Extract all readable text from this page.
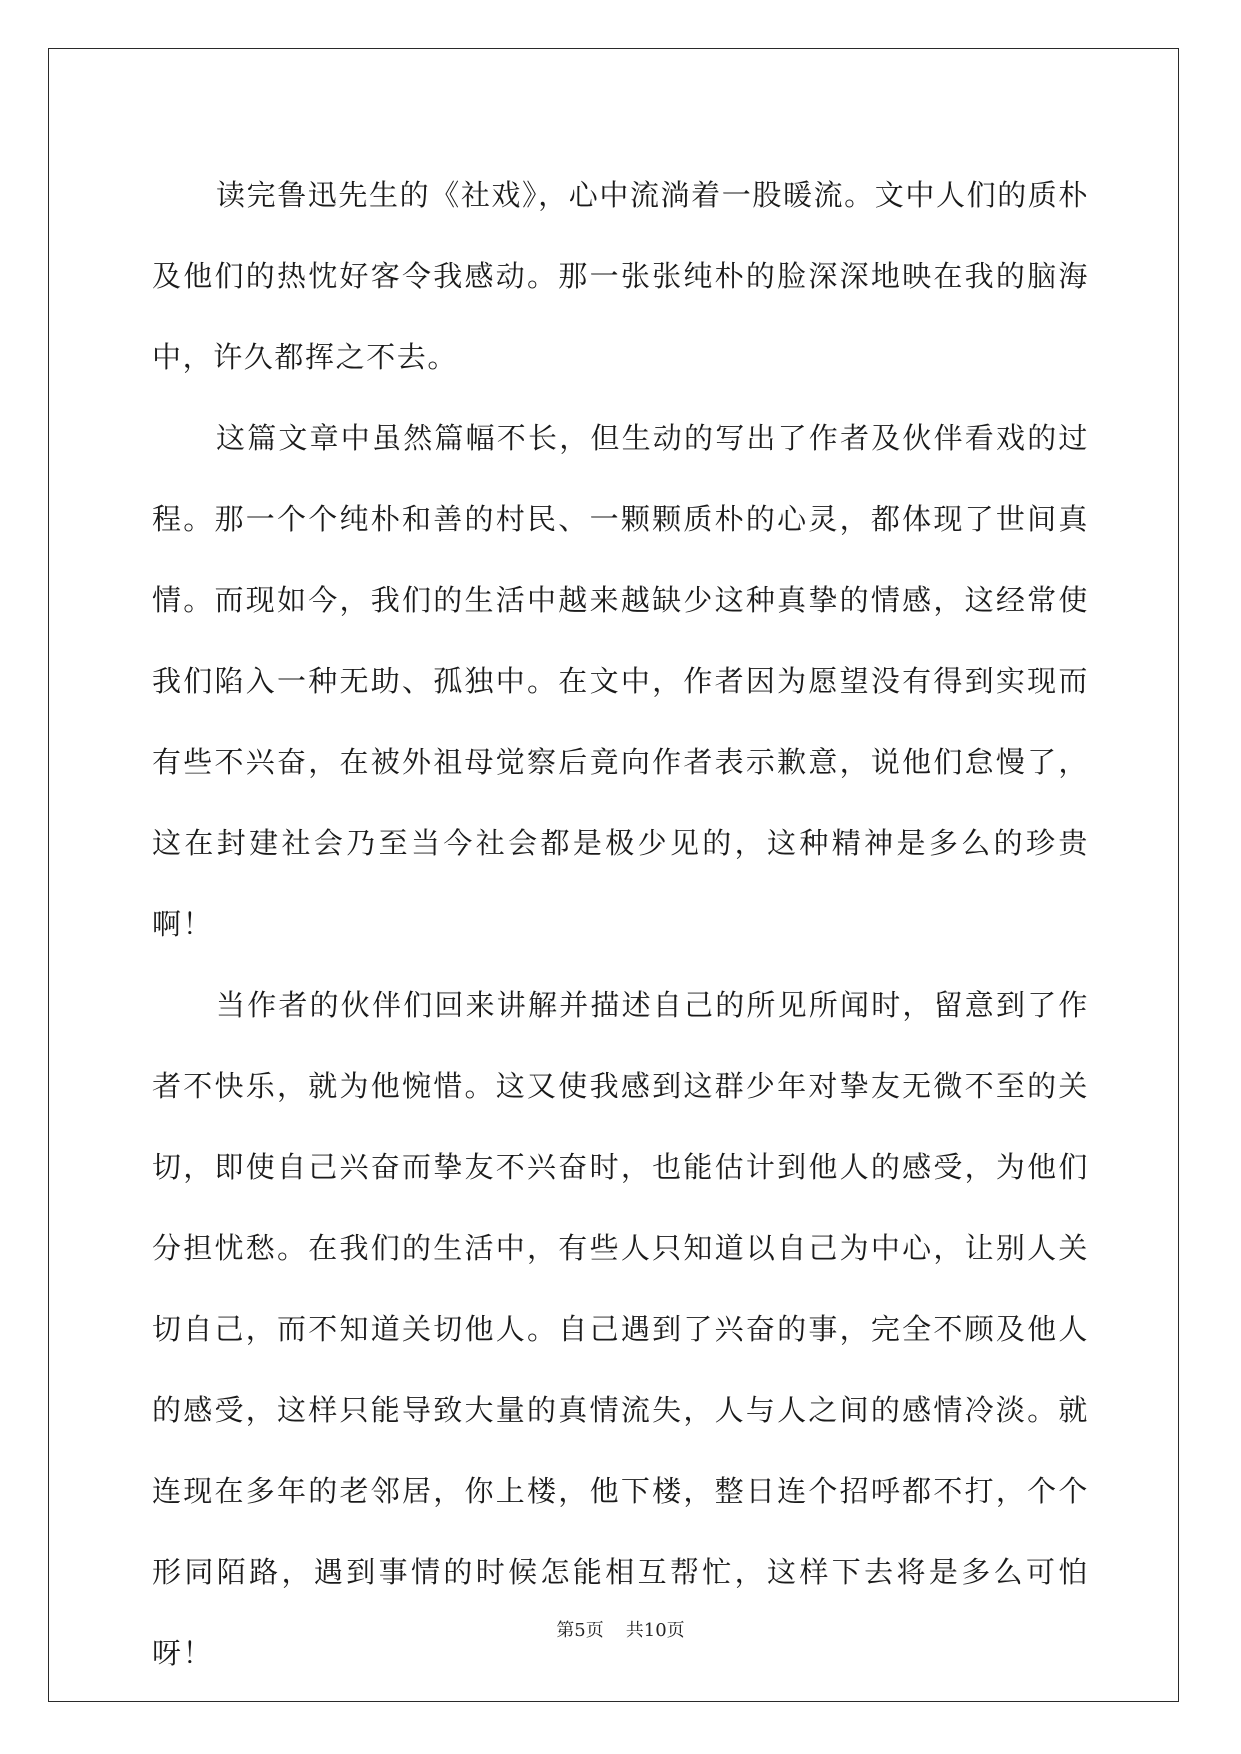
读完鲁迅先生的《社戏》，心中流淌着一股暖流。文中人们的质朴及他们的热忱好客令我感动。那一张张纯朴的脸深深地映在我的脑海中，许久都挥之不去。

这篇文章中虽然篇幅不长，但生动的写出了作者及伙伴看戏的过程。那一个个纯朴和善的村民、一颗颗质朴的心灵，都体现了世间真情。而现如今，我们的生活中越来越缺少这种真挚的情感，这经常使我们陷入一种无助、孤独中。在文中，作者因为愿望没有得到实现而有些不兴奋，在被外祖母觉察后竟向作者表示歉意，说他们怠慢了，这在封建社会乃至当今社会都是极少见的，这种精神是多么的珍贵啊！

当作者的伙伴们回来讲解并描述自己的所见所闻时，留意到了作者不快乐，就为他惋惜。这又使我感到这群少年对挚友无微不至的关切，即使自己兴奋而挚友不兴奋时，也能估计到他人的感受，为他们分担忧愁。在我们的生活中，有些人只知道以自己为中心，让别人关切自己，而不知道关切他人。自己遇到了兴奋的事，完全不顾及他人的感受，这样只能导致大量的真情流失，人与人之间的感情冷淡。就连现在多年的老邻居，你上楼，他下楼，整日连个招呼都不打，个个形同陌路，遇到事情的时候怎能相互帮忙，这样下去将是多么可怕呀！

第5页 共10页
